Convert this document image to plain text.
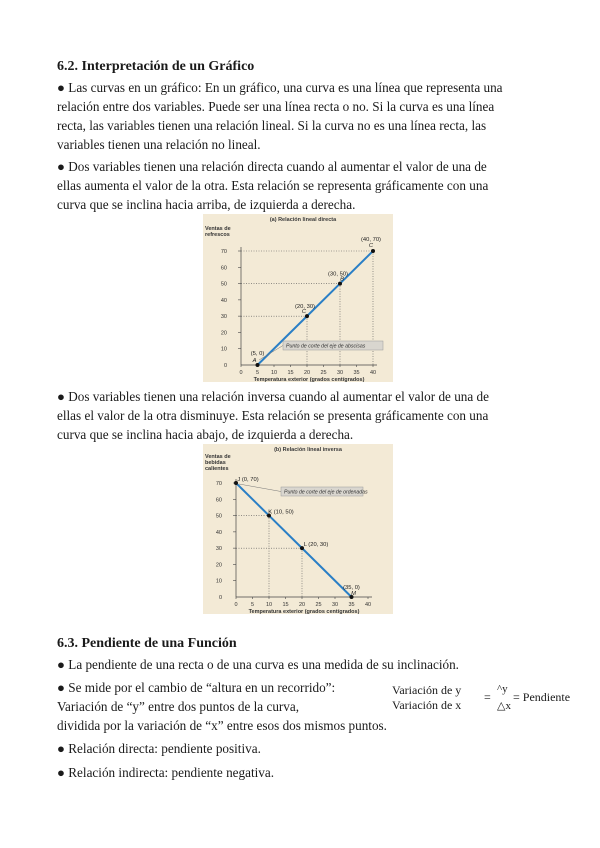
6.2. Interpretación de un Gráfico

● Las curvas en un gráfico: En un gráfico, una curva es una línea que representa una
relación entre dos variables. Puede ser una línea recta o no. Si la curva es una línea
recta, las variables tienen una relación lineal. Si la curva no es una línea recta, las
variables tienen una relación no lineal.

● Dos variables tienen una relación directa cuando al aumentar el valor de una de
ellas aumenta el valor de la otra. Esta relación se representa gráficamente con una
curva que se inclina hacia arriba, de izquierda a derecha.

(a) Relación lineal directa
Ventas de
refrescos
0
10
20
30
40
50
60
70
0 5 10 15 20 25 30 35 40
Temperatura exterior (grados centígrados)
Punto de corte del eje de abscisas
(5, 0)
A
(20, 30)
C
(30, 50)
B
(40, 70)
C

● Dos variables tienen una relación inversa cuando al aumentar el valor de una de
ellas el valor de la otra disminuye. Esta relación se presenta gráficamente con una
curva que se inclina hacia abajo, de izquierda a derecha.

(b) Relación lineal inversa
Ventas de
bebidas
calientes
0
10
20
30
40
50
60
70
0 5 10 15 20 25 30 35 40
Temperatura exterior (grados centígrados)
Punto de corte del eje de ordenadas
J (0, 70)
K (10, 50)
L (20, 30)
(35, 0)
M
6.3. Pendiente de una Función

● La pendiente de una recta o de una curva es una medida de su inclinación.

● Se mide por el cambio de “altura en un recorrido”:
Variación de “y” entre dos puntos de la curva,
dividida por la variación de “x” entre esos dos mismos puntos.

Variación de y
Variación de x
=
^y
△x
= Pendiente

● Relación directa: pendiente positiva.

● Relación indirecta: pendiente negativa.
